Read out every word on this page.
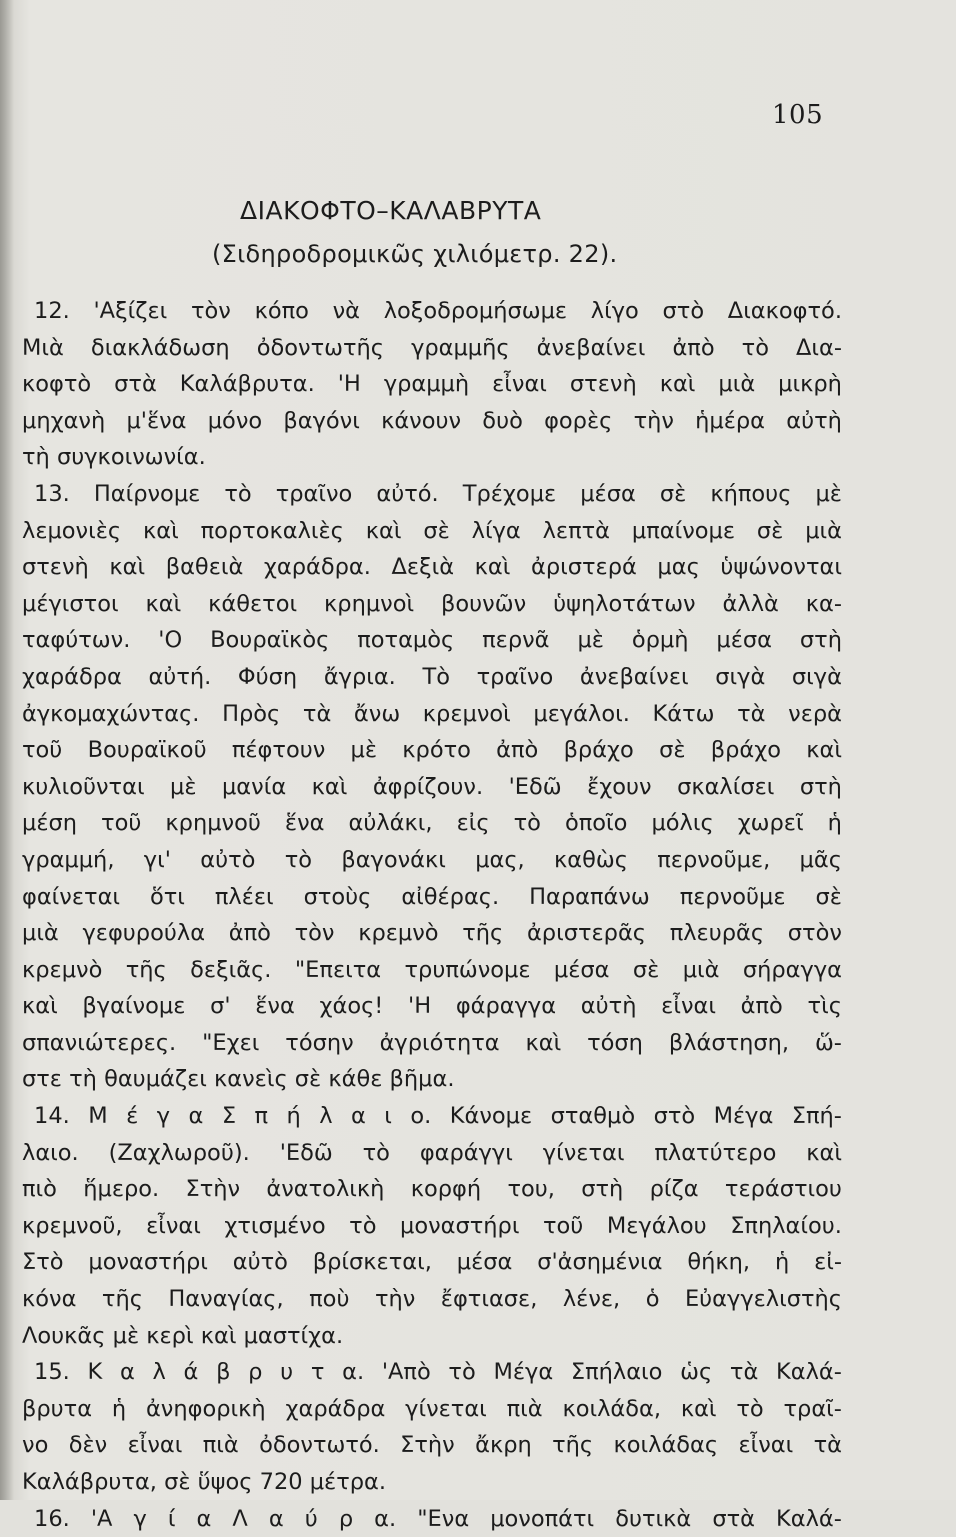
105
ΔΙΑΚΟΦΤΟ–ΚΑΛΑΒΡΥΤΑ
(Σιδηροδρομικῶς χιλιόμετρ. 22).
12. 'Αξίζει τὸν κόπο νὰ λοξοδρομήσωμε λίγο στὸ Διακοφτό.
Μιὰ διακλάδωση ὀδοντωτῆς γραμμῆς ἀνεβαίνει ἀπὸ τὸ Δια-
κοφτὸ στὰ Καλάβρυτα. 'Η γραμμὴ εἶναι στενὴ καὶ μιὰ μικρὴ
μηχανὴ μ'ἕνα μόνο βαγόνι κάνουν δυὸ φορὲς τὴν ἡμέρα αὐτὴ
τὴ συγκοινωνία.
13. Παίρνομε τὸ τραῖνο αὐτό. Τρέχομε μέσα σὲ κήπους μὲ
λεμονιὲς καὶ πορτοκαλιὲς καὶ σὲ λίγα λεπτὰ μπαίνομε σὲ μιὰ
στενὴ καὶ βαθειὰ χαράδρα. Δεξιὰ καὶ ἀριστερά μας ὑψώνονται
μέγιστοι καὶ κάθετοι κρημνοὶ βουνῶν ὑψηλοτάτων ἀλλὰ κα-
ταφύτων. 'Ο Βουραϊκὸς ποταμὸς περνᾶ μὲ ὁρμὴ μέσα στὴ
χαράδρα αὐτή. Φύση ἄγρια. Τὸ τραῖνο ἀνεβαίνει σιγὰ σιγὰ
ἀγκομαχώντας. Πρὸς τὰ ἄνω κρεμνοὶ μεγάλοι. Κάτω τὰ νερὰ
τοῦ Βουραϊκοῦ πέφτουν μὲ κρότο ἀπὸ βράχο σὲ βράχο καὶ
κυλιοῦνται μὲ μανία καὶ ἀφρίζουν. 'Εδῶ ἔχουν σκαλίσει στὴ
μέση τοῦ κρημνοῦ ἕνα αὐλάκι, εἰς τὸ ὁποῖο μόλις χωρεῖ ἡ
γραμμή, γι' αὐτὸ τὸ βαγονάκι μας, καθὼς περνοῦμε, μᾶς
φαίνεται ὅτι πλέει στοὺς αἰθέρας. Παραπάνω περνοῦμε σὲ
μιὰ γεφυρούλα ἀπὸ τὸν κρεμνὸ τῆς ἀριστερᾶς πλευρᾶς στὸν
κρεμνὸ τῆς δεξιᾶς. "Επειτα τρυπώνομε μέσα σὲ μιὰ σήραγγα
καὶ βγαίνομε σ' ἕνα χάος! 'Η φάραγγα αὐτὴ εἶναι ἀπὸ τὶς
σπανιώτερες. "Εχει τόσην ἀγριότητα καὶ τόση βλάστηση, ὥ-
στε τὴ θαυμάζει κανεὶς σὲ κάθε βῆμα.
14. Μ έ γ α Σ π ή λ α ι ο. Κάνομε σταθμὸ στὸ Μέγα Σπή-
λαιο. (Ζαχλωροῦ). 'Εδῶ τὸ φαράγγι γίνεται πλατύτερο καὶ
πιὸ ἥμερο. Στὴν ἀνατολικὴ κορφή του, στὴ ρίζα τεράστιου
κρεμνοῦ, εἶναι χτισμένο τὸ μοναστήρι τοῦ Μεγάλου Σπηλαίου.
Στὸ μοναστήρι αὐτὸ βρίσκεται, μέσα σ'ἀσημένια θήκη, ἡ εἰ-
κόνα τῆς Παναγίας, ποὺ τὴν ἔφτιασε, λένε, ὁ Εὐαγγελιστὴς
Λουκᾶς μὲ κερὶ καὶ μαστίχα.
15. Κ α λ ά β ρ υ τ α. 'Απὸ τὸ Μέγα Σπήλαιο ὡς τὰ Καλά-
βρυτα ἡ ἀνηφορικὴ χαράδρα γίνεται πιὰ κοιλάδα, καὶ τὸ τραῖ-
νο δὲν εἶναι πιὰ ὀδοντωτό. Στὴν ἄκρη τῆς κοιλάδας εἶναι τὰ
Καλάβρυτα, σὲ ὕψος 720 μέτρα.
16. 'Α γ ί α Λ α ύ ρ α. "Ενα μονοπάτι δυτικὰ στὰ Καλά-
